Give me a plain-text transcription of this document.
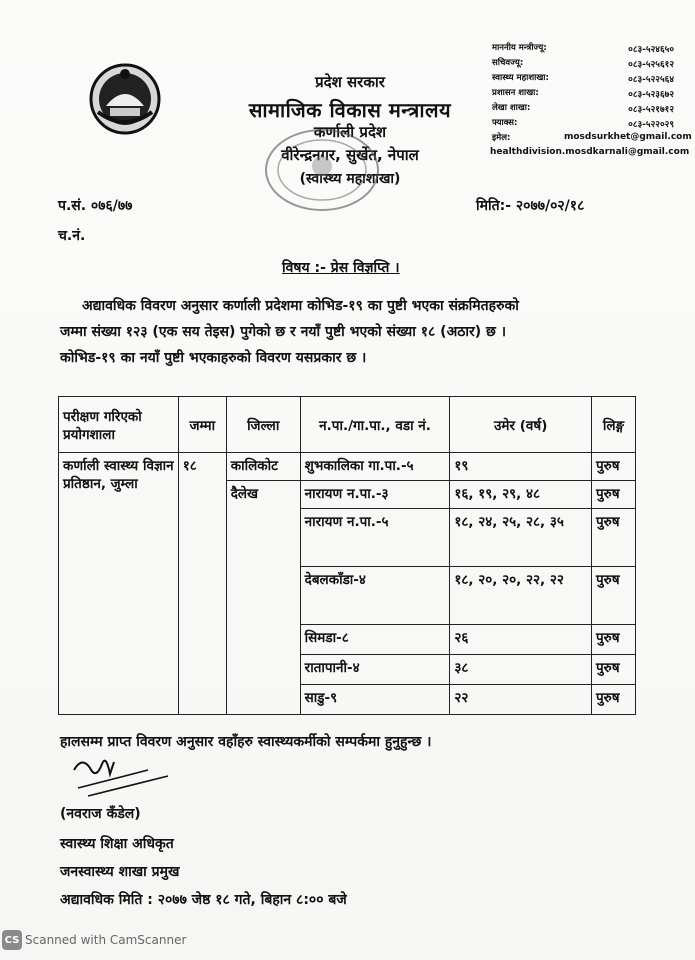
प्रदेश सरकार
सामाजिक विकास मन्त्रालय
कर्णाली प्रदेश
वीरेन्द्रनगर, सुर्खेत, नेपाल
(स्वास्थ्य महाशाखा)
माननीय मन्त्रीज्यू:	०८३-५२४६५०
सचिवज्यू:	०८३-५२५६१२
स्वास्थ्य महाशाखा:	०८३-५२२५६४
प्रशासन शाखा:	०८३-५२३६७२
लेखा शाखा:	०८३-५२१७१२
फ्याक्स:	०८३-५२२०२९
इमेल:	mosdsurkhet@gmail.com
healthdivision.mosdkarnali@gmail.com
प.सं. ०७६/७७
च.नं.
मिति:- २०७७/०२/१८
विषय :- प्रेस विज्ञप्ति ।
अद्यावधिक विवरण अनुसार कर्णाली प्रदेशमा कोभिड-१९ का पुष्टी भएका संक्रमितहरुको
जम्मा संख्या १२३ (एक सय तेइस) पुगेको छ र नयाँ पुष्टी भएको संख्या १८ (अठार) छ ।
कोभिड-१९ का नयाँ पुष्टी भएकाहरुको विवरण यसप्रकार छ ।
परीक्षण गरिएको प्रयोगशाला	जम्मा	जिल्ला	न.पा./गा.पा., वडा नं.	उमेर (वर्ष)	लिङ्ग
कर्णाली स्वास्थ्य विज्ञान प्रतिष्ठान, जुम्ला	१८	कालिकोट	शुभकालिका गा.पा.-५	१९	पुरुष
		दैलेख	नारायण न.पा.-३	१६, १९, २९, ४८	पुरुष
			नारायण न.पा.-५	१८, २४, २५, २८, ३५	पुरुष
			देबलकाँडा-४	१८, २०, २०, २२, २२	पुरुष
			सिमडा-८	२६	पुरुष
			रातापानी-४	३८	पुरुष
			साडु-९	२२	पुरुष
हालसम्म प्राप्त विवरण अनुसार वहाँहरु स्वास्थ्यकर्मीको सम्पर्कमा हुनुहुन्छ ।
(नवराज कँडेल)
स्वास्थ्य शिक्षा अधिकृत
जनस्वास्थ्य शाखा प्रमुख
अद्यावधिक मिति : २०७७ जेष्ठ १८ गते, बिहान ८:०० बजे
CS Scanned with CamScanner
